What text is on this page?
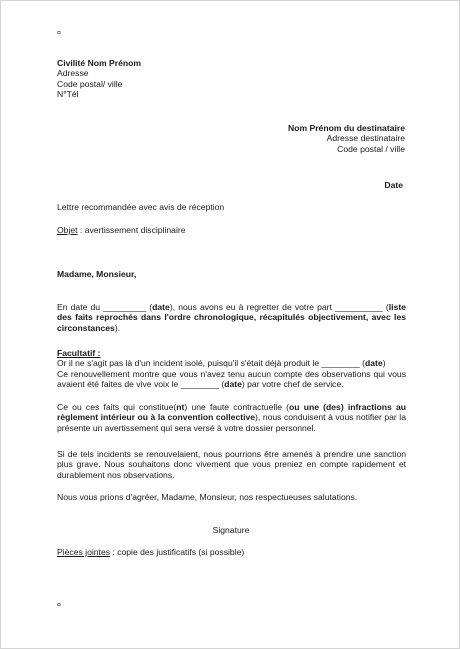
¤
Civilité Nom Prénom
Adresse
Code postal/ ville
N°Tél
Nom Prénom du destinataire
Adresse destinataire
Code postal / ville
Date
Lettre recommandée avec avis de réception
Objet : avertissement disciplinaire
Madame, Monsieur,
En date du _________ (date), nous avons eu à regretter de votre part __________ (liste des faits reprochés dans l'ordre chronologique, récapitulés objectivement, avec les circonstances).
Facultatif :
Or il ne s'agit pas là d'un incident isolé, puisqu'il s'était déjà produit le ________ (date)
Ce renouvellement montre que vous n'avez tenu aucun compte des observations qui vous avaient été faites de vive voix le ________ (date) par votre chef de service.
Ce ou ces faits qui constitue(nt) une faute contractuelle (ou une (des) infractions au règlement intérieur ou à la convention collective), nous conduisent à vous notifier par la présente un avertissement qui sera versé à votre dossier personnel.
Si de tels incidents se renouvelaient, nous pourrions être amenés à prendre une sanction plus grave. Nous souhaitons donc vivement que vous preniez en compte rapidement et durablement nos observations.
Nous vous prions d'agréer, Madame, Monsieur, nos respectueuses salutations.
Signature
Pièces jointes : copie des justificatifs (si possible)
¤
